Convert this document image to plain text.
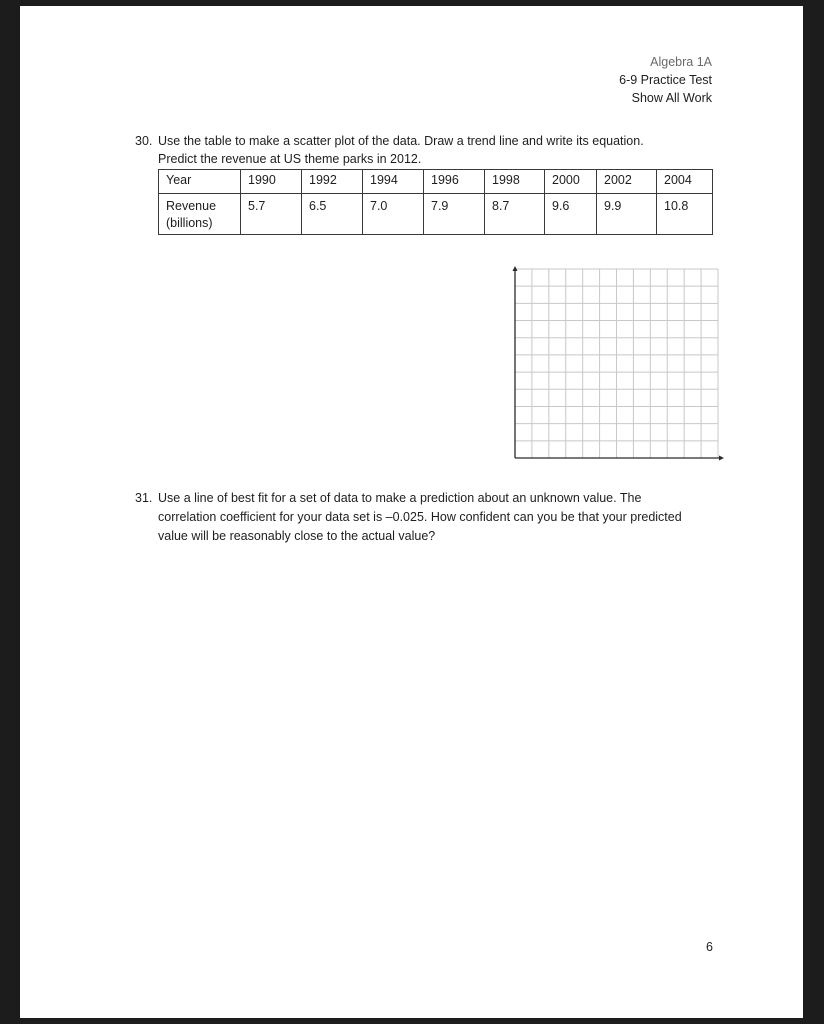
Algebra 1A
6-9 Practice Test
Show All Work
30. Use the table to make a scatter plot of the data. Draw a trend line and write its equation.
Predict the revenue at US theme parks in 2012.
Year	1990	1992	1994	1996	1998	2000	2002	2004
Revenue
(billions)	5.7	6.5	7.0	7.9	8.7	9.6	9.9	10.8
31. Use a line of best fit for a set of data to make a prediction about an unknown value. The
correlation coefficient for your data set is –0.025. How confident can you be that your predicted
value will be reasonably close to the actual value?
6
